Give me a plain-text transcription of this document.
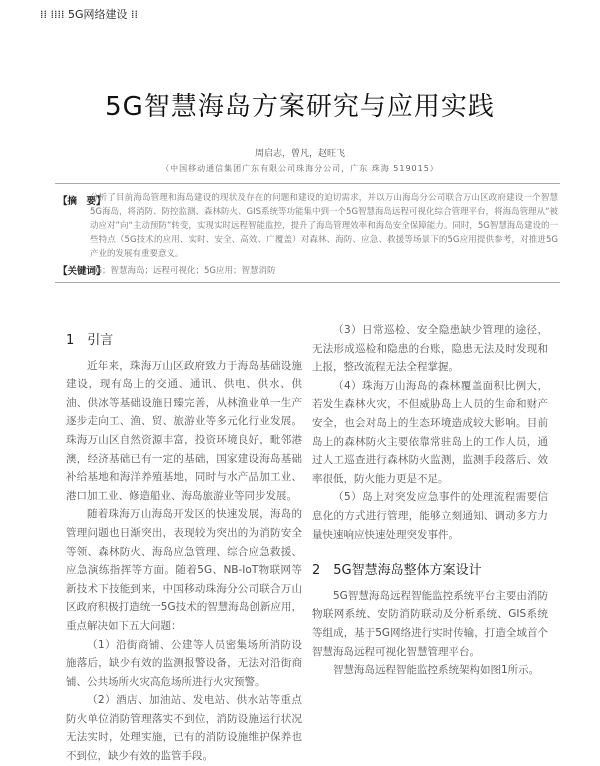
⁞⁞ ⁞⁞⁞⁞ 5G网络建设 ⁞⁞
5G智慧海岛方案研究与应用实践
周启志，曾凡，赵旺飞
（中国移动通信集团广东有限公司珠海分公司，广东 珠海 519015）
【摘　要】
分析了目前海岛管理和海岛建设的现状及存在的问题和建设的迫切需求，并以万山海岛分公司联合万山区政府建设一个智慧5G海岛，将消防、防控监测、森林防火、GIS系统等功能集中到一个5G智慧海岛远程可视化综合管理平台，将海岛管理从“被动应对”向“主动预防”转变，实现实时远程智能监控，提升了海岛管理效率和海岛安全保障能力。同时，5G智慧海岛建设的一些特点（5G技术的应用、实时、安全、高效、广覆盖）对森林、海防、应急、救援等场景下的5G应用提供参考，对推进5G产业的发展有重要意义。
【关键词】
5G；智慧海岛；远程可视化；5G应用；智慧消防
1　引言

近年来，珠海万山区政府致力于海岛基础设施建设，现有岛上的交通、通讯、供电、供水、供油、供冰等基础设施日臻完善，从林渔业单一生产逐步走向工、渔、贸、旅游业等多元化行业发展。珠海万山区自然资源丰富，投资环境良好，毗邻港澳，经济基础已有一定的基础，国家建设海岛基础补给基地和海洋养殖基地，同时与水产品加工业、港口加工业、修造船业、海岛旅游业等同步发展。

随着珠海万山海岛开发区的快速发展，海岛的管理问题也日渐突出，表现较为突出的为消防安全等领、森林防火、海岛应急管理、综合应急救援、应急演练指挥等方面。随着5G、NB-IoT物联网等新技术下技能到来，中国移动珠海分公司联合万山区政府积极打造统一5G技术的智慧海岛创新应用，重点解决如下五大问题：

（1）沿街商铺、公建等人员密集场所消防设施落后，缺少有效的监测报警设备，无法对沿街商铺、公共场所火灾高危场所进行火灾预警。

（2）酒店、加油站、发电站、供水站等重点防火单位消防管理落实不到位，消防设施运行状况无法实时，处理实施，已有的消防设施维护保养也不到位，缺少有效的监管手段。

（3）日常巡检、安全隐患缺少管理的途径，无法形成巡检和隐患的台账，隐患无法及时发现和上报，整改流程无法全程掌握。

（4）珠海万山海岛的森林覆盖面积比例大，若发生森林火灾，不但威胁岛上人员的生命和财产安全，也会对岛上的生态环境造成较大影响。目前岛上的森林防火主要依靠常驻岛上的工作人员，通过人工巡查进行森林防火监测，监测手段落后、效率很低，防火能力更是不足。

（5）岛上对突发应急事件的处理流程需要信息化的方式进行管理，能够立刻通知、调动多方力量快速响应快速处理突发事件。

2　5G智慧海岛整体方案设计

5G智慧海岛远程智能监控系统平台主要由消防物联网系统、安防消防联动及分析系统、GIS系统等组成，基于5G网络进行实时传输，打造全域首个智慧海岛远程可视化智慧管理平台。

智慧海岛远程智能监控系统架构如图1所示。
